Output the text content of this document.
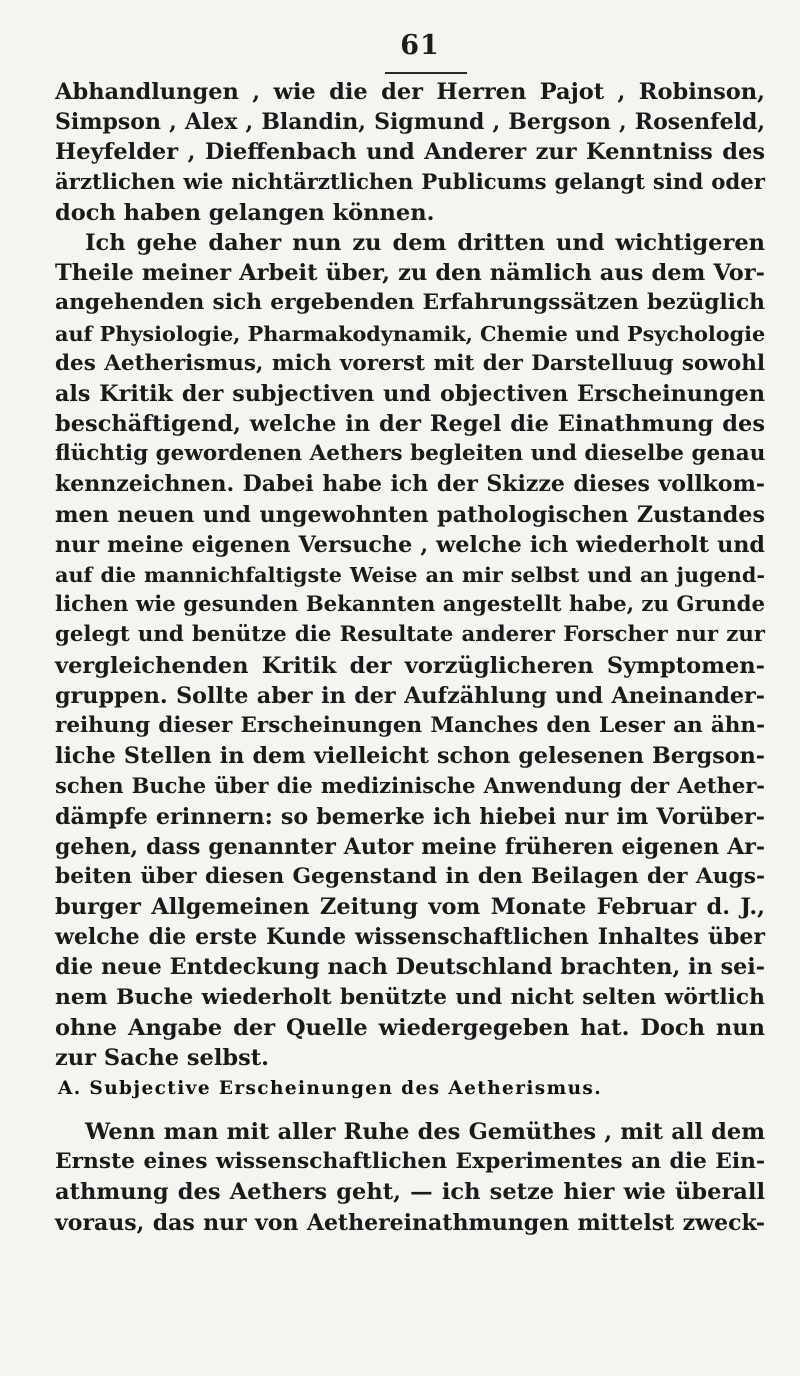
61
Abhandlungen , wie die der Herren Pajot , Robinson,
Simpson , Alex , Blandin, Sigmund , Bergson , Rosenfeld,
Heyfelder , Dieffenbach und Anderer zur Kenntniss des
ärztlichen wie nichtärztlichen Publicums gelangt sind oder
doch haben gelangen können.
Ich gehe daher nun zu dem dritten und wichtigeren
Theile meiner Arbeit über, zu den nämlich aus dem Vor-
angehenden sich ergebenden Erfahrungssätzen bezüglich
auf Physiologie, Pharmakodynamik, Chemie und Psychologie
des Aetherismus, mich vorerst mit der Darstelluug sowohl
als Kritik der subjectiven und objectiven Erscheinungen
beschäftigend, welche in der Regel die Einathmung des
flüchtig gewordenen Aethers begleiten und dieselbe genau
kennzeichnen. Dabei habe ich der Skizze dieses vollkom-
men neuen und ungewohnten pathologischen Zustandes
nur meine eigenen Versuche , welche ich wiederholt und
auf die mannichfaltigste Weise an mir selbst und an jugend-
lichen wie gesunden Bekannten angestellt habe, zu Grunde
gelegt und benütze die Resultate anderer Forscher nur zur
vergleichenden Kritik der vorzüglicheren Symptomen-
gruppen. Sollte aber in der Aufzählung und Aneinander-
reihung dieser Erscheinungen Manches den Leser an ähn-
liche Stellen in dem vielleicht schon gelesenen Bergson-
schen Buche über die medizinische Anwendung der Aether-
dämpfe erinnern: so bemerke ich hiebei nur im Vorüber-
gehen, dass genannter Autor meine früheren eigenen Ar-
beiten über diesen Gegenstand in den Beilagen der Augs-
burger Allgemeinen Zeitung vom Monate Februar d. J.,
welche die erste Kunde wissenschaftlichen Inhaltes über
die neue Entdeckung nach Deutschland brachten, in sei-
nem Buche wiederholt benützte und nicht selten wörtlich
ohne Angabe der Quelle wiedergegeben hat. Doch nun
zur Sache selbst.
A. Subjective Erscheinungen des Aetherismus.
Wenn man mit aller Ruhe des Gemüthes , mit all dem
Ernste eines wissenschaftlichen Experimentes an die Ein-
athmung des Aethers geht, — ich setze hier wie überall
voraus, das nur von Aethereinathmungen mittelst zweck-
